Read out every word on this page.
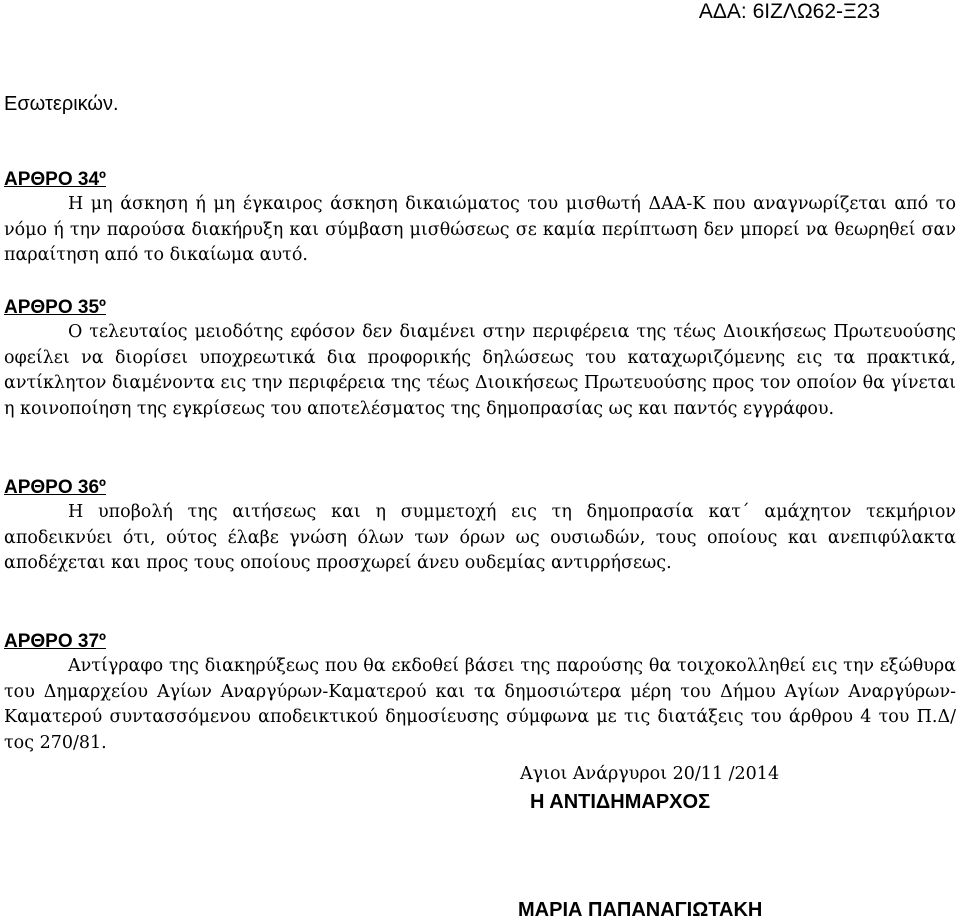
ΑΔΑ: 6ΙΖΛΩ62-Ξ23
Εσωτερικών.
ΑΡΘΡΟ 34º

Η μη άσκηση ή μη έγκαιρος άσκηση δικαιώματος του μισθωτή ΔΑΑ-Κ που αναγνωρίζεται από το νόμο ή την παρούσα διακήρυξη και σύμβαση μισθώσεως σε καμία περίπτωση δεν μπορεί να θεωρηθεί σαν παραίτηση από το δικαίωμα αυτό.

ΑΡΘΡΟ 35º

Ο τελευταίος μειοδότης εφόσον δεν διαμένει στην περιφέρεια της τέως Διοικήσεως Πρωτευούσης οφείλει να διορίσει υποχρεωτικά δια προφορικής δηλώσεως του καταχωριζόμενης εις τα πρακτικά, αντίκλητον διαμένοντα εις την περιφέρεια της τέως Διοικήσεως Πρωτευούσης προς τον οποίον θα γίνεται η κοινοποίηση της εγκρίσεως του αποτελέσματος της δημοπρασίας ως και παντός εγγράφου.

ΑΡΘΡΟ 36º

Η υποβολή της αιτήσεως και η συμμετοχή εις τη δημοπρασία κατ΄ αμάχητον τεκμήριον αποδεικνύει ότι, ούτος έλαβε γνώση όλων των όρων ως ουσιωδών, τους οποίους και ανεπιφύλακτα αποδέχεται και προς τους οποίους προσχωρεί άνευ ουδεμίας αντιρρήσεως.

ΑΡΘΡΟ 37º

Αντίγραφο της διακηρύξεως που θα εκδοθεί βάσει της παρούσης θα τοιχοκολληθεί εις την εξώθυρα του Δημαρχείου Αγίων Αναργύρων-Καματερού και τα δημοσιώτερα μέρη του Δήμου Αγίων Αναργύρων-Καματερού συντασσόμενου αποδεικτικού δημοσίευσης σύμφωνα με τις διατάξεις του άρθρου 4 του Π.Δ/τος 270/81.

Αγιοι Ανάργυροι 20/11 /2014
Η ΑΝΤΙΔΗΜΑΡΧΟΣ
ΜΑΡΙΑ ΠΑΠΑΝΑΓΙΩΤΑΚΗ
